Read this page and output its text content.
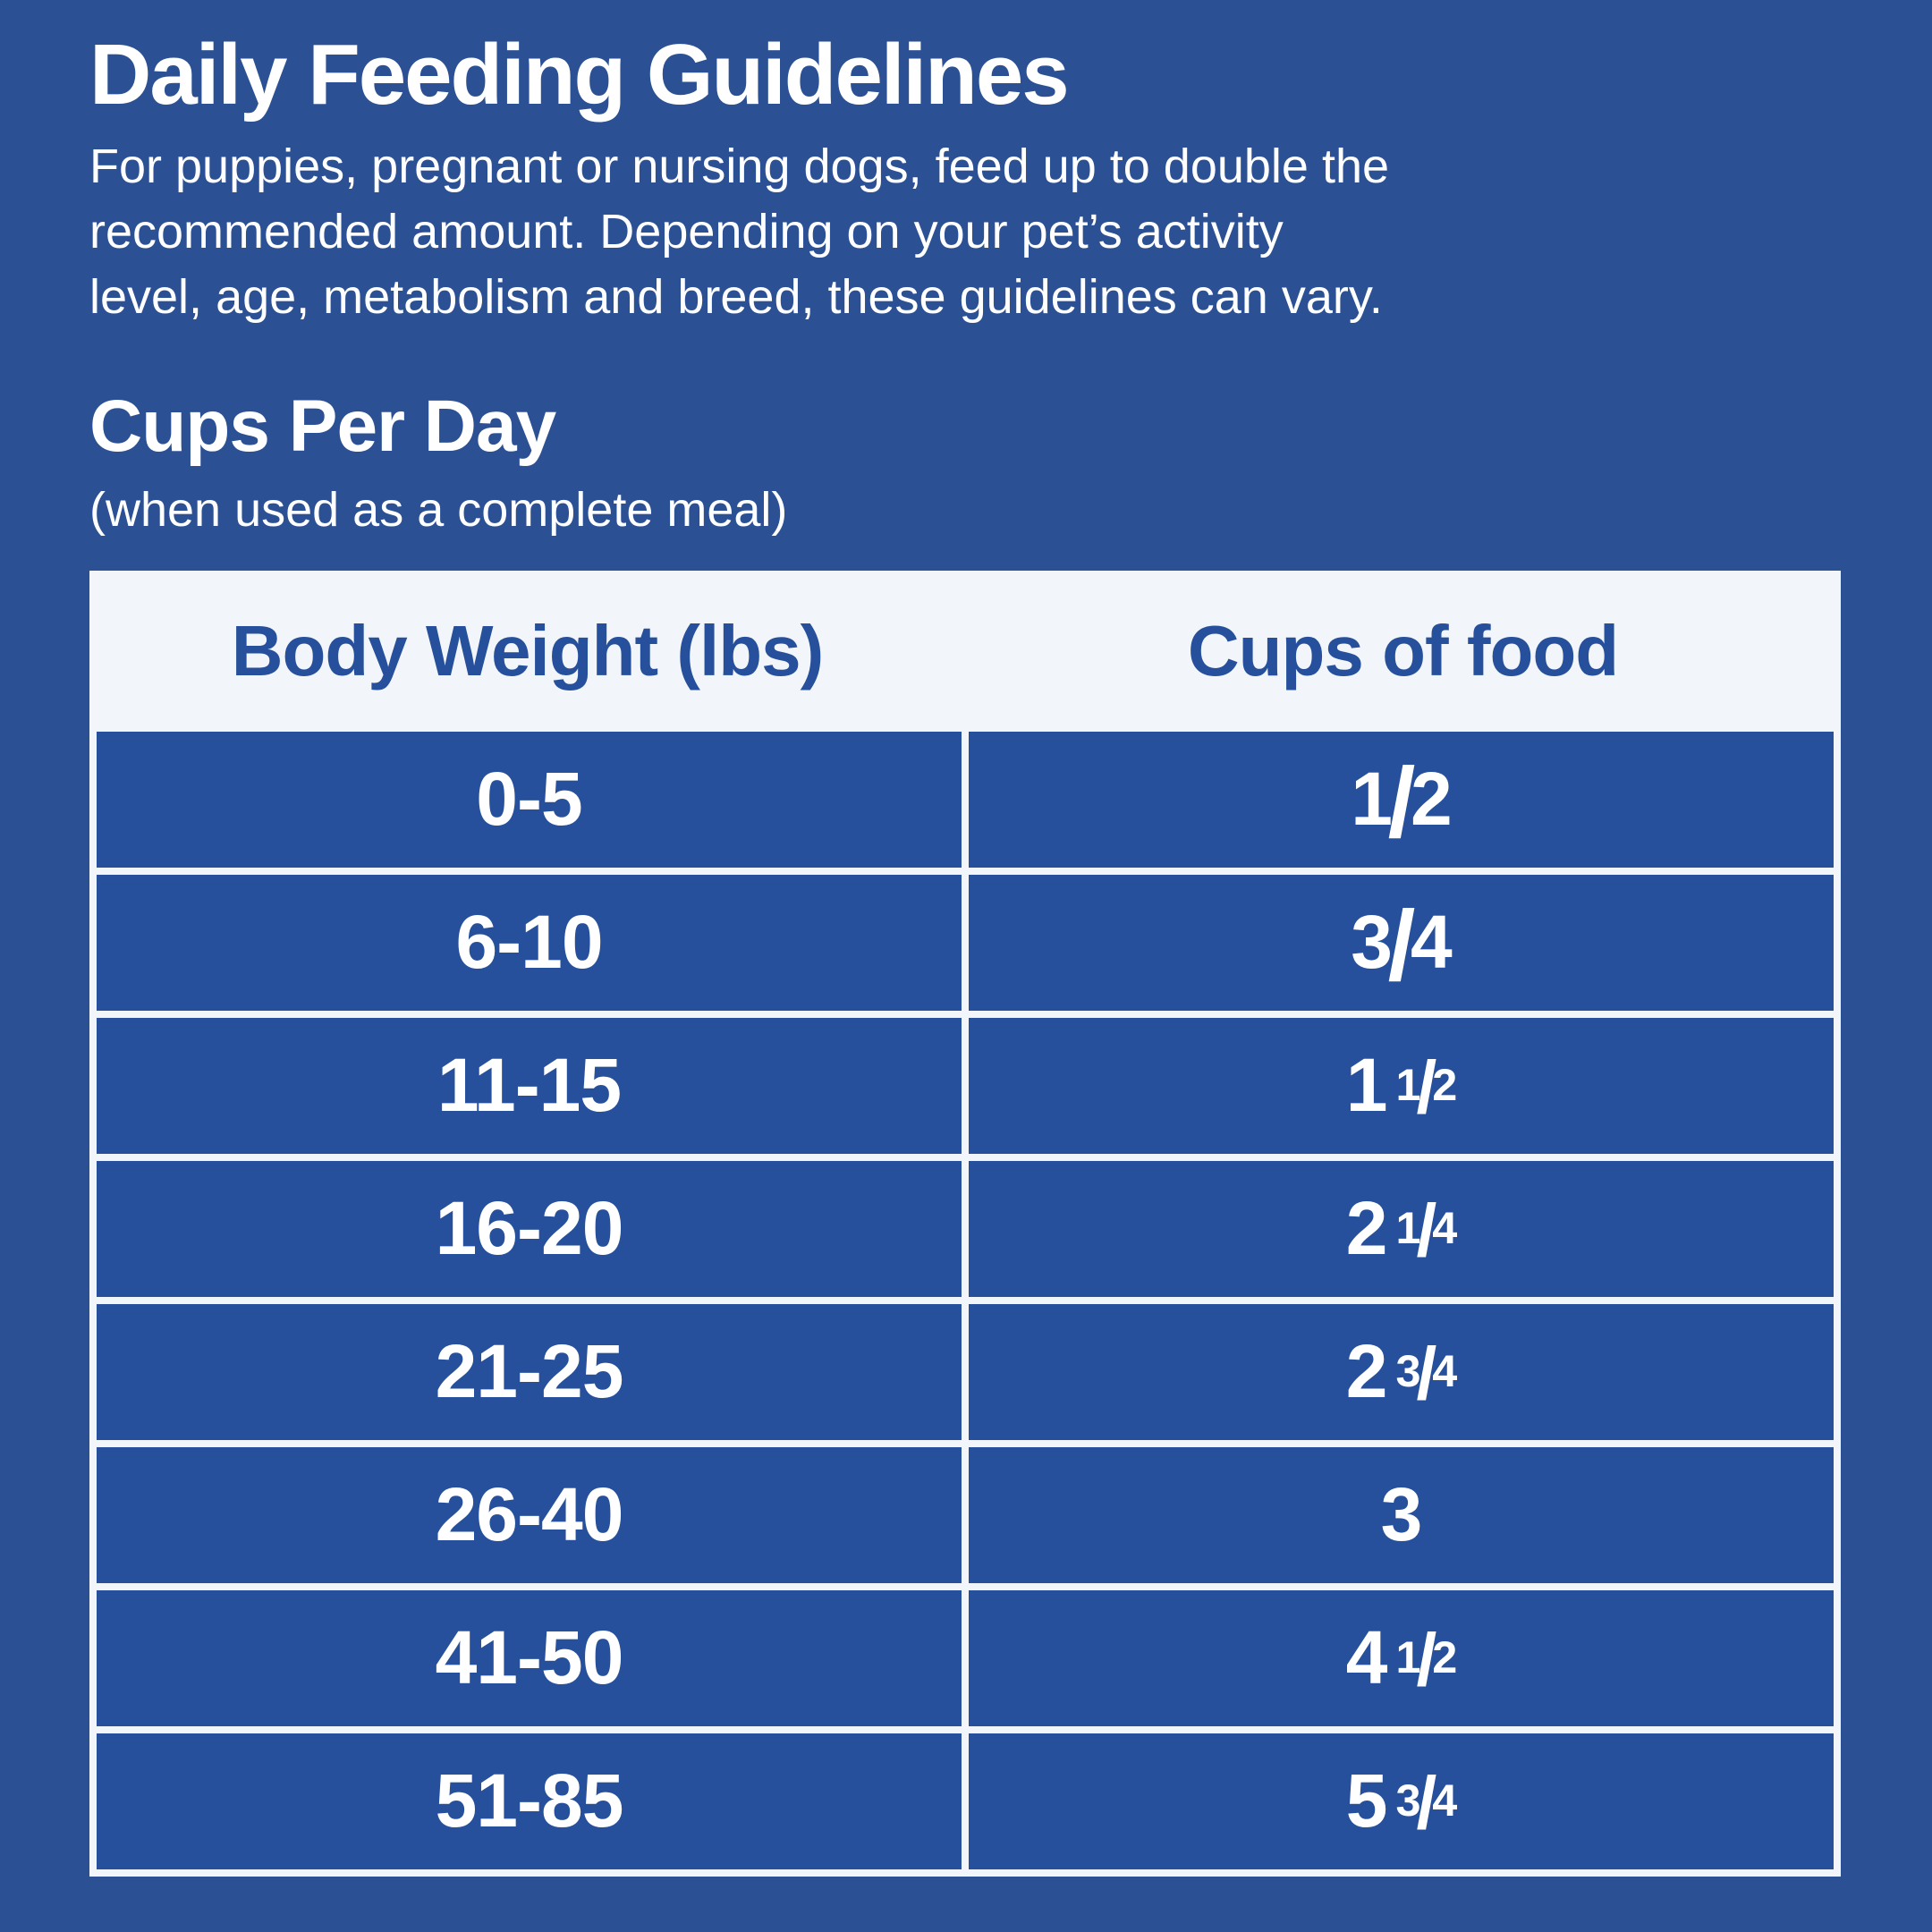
Daily Feeding Guidelines
For puppies, pregnant or nursing dogs, feed up to double the
recommended amount. Depending on your pet’s activity
level, age, metabolism and breed, these guidelines can vary.
Cups Per Day
(when used as a complete meal)
Body Weight (lbs)	Cups of food
0-5	1/2
6-10	3/4
11-15	1 1/2
16-20	2 1/4
21-25	2 3/4
26-40	3
41-50	4 1/2
51-85	5 3/4
